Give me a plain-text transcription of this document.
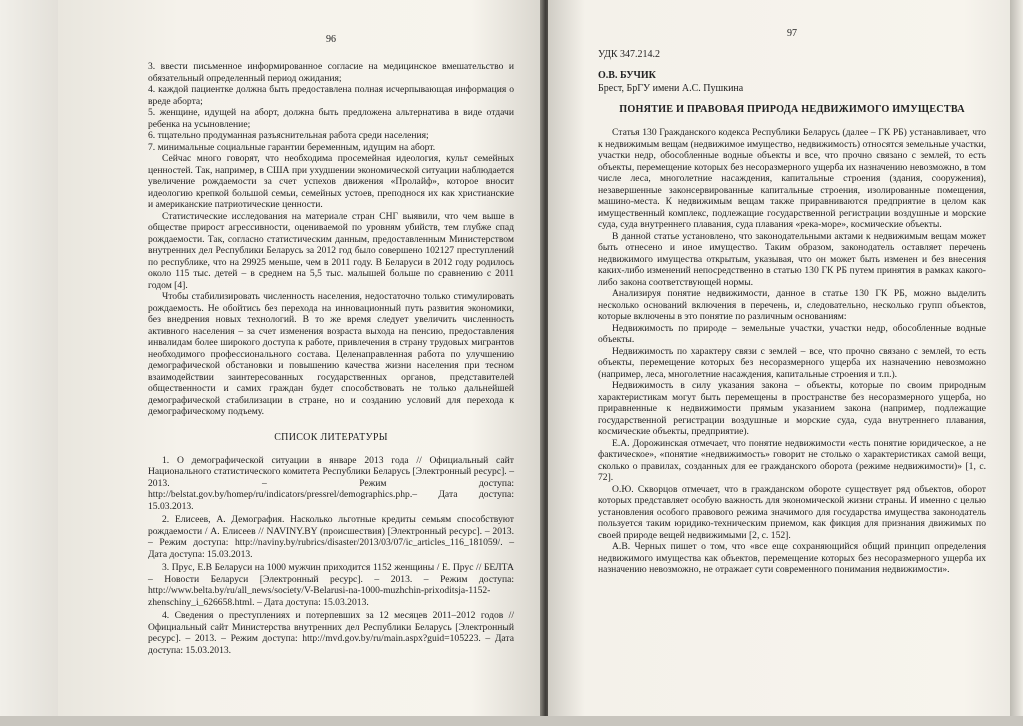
96

3. ввести письменное информированное согласие на медицинское вмешательство и обязательный определенный период ожидания;

4. каждой пациентке должна быть предоставлена полная исчерпывающая информация о вреде аборта;

5. женщине, идущей на аборт, должна быть предложена альтернатива в виде отдачи ребенка на усыновление;

6. тщательно продуманная разъяснительная работа среди населения;

7. минимальные социальные гарантии беременным, идущим на аборт.

Сейчас много говорят, что необходима просемейная идеология, культ семейных ценностей. Так, например, в США при ухудшении экономической ситуации наблюдается увеличение рождаемости за счет успехов движения «Пролайф», которое вносит идеологию крепкой большой семьи, семейных устоев, преподнося их как христианские и американские патриотические ценности.

Статистические исследования на материале стран СНГ выявили, что чем выше в обществе прирост агрессивности, оцениваемой по уровням убийств, тем глубже спад рождаемости. Так, согласно статистическим данным, предоставленным Министерством внутренних дел Республики Беларусь за 2012 год было совершено 102127 преступлений по республике, что на 29925 меньше, чем в 2011 году. В Беларуси в 2012 году родилось около 115 тыс. детей – в среднем на 5,5 тыс. малышей больше по сравнению с 2011 годом [4].

Чтобы стабилизировать численность населения, недостаточно только стимулировать рождаемость. Не обойтись без перехода на инновационный путь развития экономики, без внедрения новых технологий. В то же время следует увеличить численность активного населения – за счет изменения возраста выхода на пенсию, предоставления инвалидам более широкого доступа к работе, привлечения в страну трудовых мигрантов необходимого профессионального состава. Целенаправленная работа по улучшению демографической обстановки и повышению качества жизни населения при тесном взаимодействии заинтересованных государственных органов, представителей общественности и самих граждан будет способствовать не только дальнейшей демографической стабилизации в стране, но и созданию условий для перехода к демографическому подъему.

СПИСОК ЛИТЕРАТУРЫ

1. О демографической ситуации в январе 2013 года // Официальный сайт Национального статистического комитета Республики Беларусь [Электронный ресурс]. – 2013. – Режим доступа: http://belstat.gov.by/homep/ru/indicators/pressrel/demographics.php.– Дата доступа: 15.03.2013.

2. Елисеев, А. Демография. Насколько льготные кредиты семьям способствуют рождаемости / А. Елисеев // NAVINY.BY (происшествия) [Электронный ресурс]. – 2013. – Режим доступа: http://naviny.by/rubrics/disaster/2013/03/07/ic_articles_116_181059/. – Дата доступа: 15.03.2013.

3. Прус, Е.В Беларуси на 1000 мужчин приходится 1152 женщины / Е. Прус // БЕЛТА – Новости Беларуси [Электронный ресурс]. – 2013. – Режим доступа: http://www.belta.by/ru/all_news/society/V-Belarusi-na-1000-muzhchin-prixoditsja-1152-zhenschiny_i_626658.html. – Дата доступа: 15.03.2013.

4. Сведения о преступлениях и потерпевших за 12 месяцев 2011–2012 годов // Официальный сайт Министерства внутренних дел Республики Беларусь [Электронный ресурс]. – 2013. – Режим доступа: http://mvd.gov.by/ru/main.aspx?guid=105223. – Дата доступа: 15.03.2013.

97
УДК 347.214.2
О.В. БУЧИК
Брест, БрГУ имени А.С. Пушкина
ПОНЯТИЕ И ПРАВОВАЯ ПРИРОДА НЕДВИЖИМОГО ИМУЩЕСТВА

Статья 130 Гражданского кодекса Республики Беларусь (далее – ГК РБ) устанавливает, что к недвижимым вещам (недвижимое имущество, недвижимость) относятся земельные участки, участки недр, обособленные водные объекты и все, что прочно связано с землей, то есть объекты, перемещение которых без несоразмерного ущерба их назначению невозможно, в том числе леса, многолетние насаждения, капитальные строения (здания, сооружения), незавершенные законсервированные капитальные строения, изолированные помещения, машино-места. К недвижимым вещам также приравниваются предприятие в целом как имущественный комплекс, подлежащие государственной регистрации воздушные и морские суда, суда внутреннего плавания, суда плавания «река-море», космические объекты.

В данной статье установлено, что законодательными актами к недвижимым вещам может быть отнесено и иное имущество. Таким образом, законодатель оставляет перечень недвижимого имущества открытым, указывая, что он может быть изменен и без внесения каких-либо изменений непосредственно в статью 130 ГК РБ путем принятия в рамках какого-либо закона соответствующей нормы.

Анализируя понятие недвижимости, данное в статье 130 ГК РБ, можно выделить несколько оснований включения в перечень, и, следовательно, несколько групп объектов, которые включены в это понятие по различным основаниям:

Недвижимость по природе – земельные участки, участки недр, обособленные водные объекты.

Недвижимость по характеру связи с землей – все, что прочно связано с землей, то есть объекты, перемещение которых без несоразмерного ущерба их назначению невозможно (например, леса, многолетние насаждения, капитальные строения и т.п.).

Недвижимость в силу указания закона – объекты, которые по своим природным характеристикам могут быть перемещены в пространстве без несоразмерного ущерба, но приравненные к недвижимости прямым указанием закона (например, подлежащие государственной регистрации воздушные и морские суда, суда внутреннего плавания, космические объекты, предприятие).

Е.А. Дорожинская отмечает, что понятие недвижимости «есть понятие юридическое, а не фактическое», «понятие «недвижимость» говорит не столько о характеристиках самой вещи, сколько о правилах, созданных для ее гражданского оборота (режиме недвижимости)» [1, с. 72].

О.Ю. Скворцов отмечает, что в гражданском обороте существует ряд объектов, оборот которых представляет особую важность для экономической жизни страны. И именно с целью установления особого правового режима значимого для государства имущества законодатель пользуется таким юридико-техническим приемом, как фикция для признания движимых по своей природе вещей недвижимыми [2, с. 152].

А.В. Черных пишет о том, что «все еще сохраняющийся общий принцип определения недвижимого имущества как объектов, перемещение которых без несоразмерного ущерба их назначению невозможно, не отражает сути современного понимания недвижимости».
